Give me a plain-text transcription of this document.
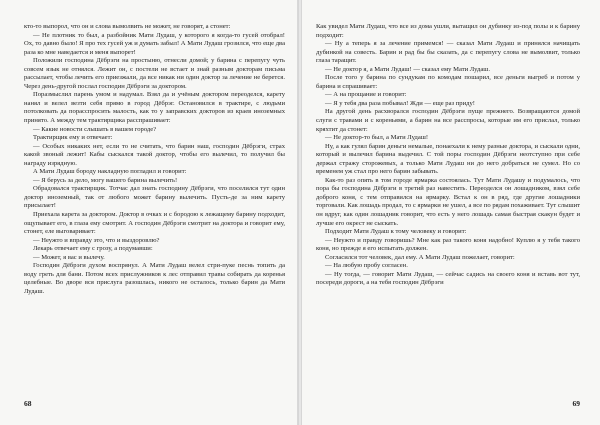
кто-то выпорол, что он и слова вымолвить не может, не говорят, а стонет:

— Не плотник то был, а разбойник Мати Лудаш, у которого я когда-то гусей отобрал! Ох, то давно было! Я про тех гусей уж и думать забыл! А Мати Лудаш грозился, что еще два раза ко мне наведается и меня выпорет!

Положили господина Дёбрэги на простыню, отнесли домой; у барина с перепугу чуть совсем язык не отнялся. Лежит он, с постели не встает и знай разным докторам письма рассылает, чтобы лечить его приезжали, да все никак ни один доктор за лечение не берется. Через день-другой послал господин Дёбрэги за доктором.

Поразмыслил парень умом и надумал. Взял да и учёным доктором переоделся, карету нанял и велел везти себя прямо в город Дёбрэг. Остановился в трактире, с людьми потолковать да порасспросить малость, как то у заправских докторов из краев иноземных принято. А между тем трактирщика расспрашивает:

— Какие новости слышать в вашем городе?

Трактирщик ему и отвечает:

— Особых никаких нет, если то не считать, что барин наш, господин Дёбрэги, страх какой звоный лежит! Кабы сыскался такой доктор, чтобы его вылечил, то получил бы награду изрядную.

А Мати Лудаш бороду накладную погладил и говорит:

— Я берусь за дело, могу вашего барина вылечить!

Обрадовался трактирщик. Тотчас дал знать господину Дёбрэги, что поселился тут один доктор иноземный, так от любого может барину вылечить. Пусть-де за ним карету присылает!

Приехала карета за доктором. Доктор в очках и с бородою к лежащему барину подходит, ощупывает его, в глаза ему смотрит. А господин Дёбрэги смотрит на доктора и говорит ему, стонет, еле выговаривает:

— Неужто и вправду это, что и выздоровлю?

Лекарь отвечает ему с грозу, а подумавши:

— Может, я вас и вылечу.

Господин Дёбрэги духом воспрянул. А Мати Лудаш велел стри-пуке песнь топить да воду греть для бани. Потом всех прислужников к лес отправил травы собирать да коренья целебные. Во дворе вся прислуга разошлась, никого не осталось, только барин да Мати Лудаш.

68

Как увидел Мати Лудаш, что все из дома ушли, вытащил он дубинку из-под полы и к барину подходит:

— Ну а теперь я за лечение примемся! — сказал Мати Лудаш и принялся начищать дубинкой на совесть. Барин и рад бы бы сказать, да с перепугу слова не вымолвит, только глаза таращит.

— Не доктор я, а Мати Лудаш! — сказал ему Мати Лудаш.

После того у барина по сундукам по комодам пошарил, все деньги выгреб и потом у барина и спрашивает:

— А на прощание и говорит:

— Я у тебя два раза побывал! Жди — еще раз приду!

На другой день расхворался господин Дёбрэги пуще прежнего. Возвращаются домой слуги с травами и с кореньями, а барин на все расспросы, которые им его прислал, только кряхтит да стонет:

— Не доктор-то был, а Мати Лудаш!

Ну, а как гулял барин деньги немалые, понаехали к нему разные доктора, и сыскали одни, который и вылечил барина выдечил. С той поры господин Дёбрэги неотступно при себе держал стражу сторожевых, а только Мати Лудаш ни до него добраться не сумел. Но со временем уж стал про него барин забывать.

Как-то раз опять в том городе ярмарка состоялась. Тут Мати Лудашу и подумалось, что пора бы господина Дёбрэги в третий раз навестить. Переоделся он лошадником, взял себе доброго коня, с тем отправился на ярмарку. Встал к он в ряд, где другие лошадники торговали. Как лошадь продал, то с ярмарки не ушел, а все по рядам похаживает. Тут слышит он вдруг, как один лошадник говорит, что есть у него лошадь самая быстрая скакун будет и лучше его окрест не сыскать.

Подходит Мати Лудаш к тому человеку и говорит:

— Неужто и правду говоришь? Мне как раз такого коня надобно! Куплю я у тебя такого коня, но прежде я его испытать должен.

Согласился тот человек, дал ему. А Мати Лудаш пожелает, говорит:

— На любую пробу согласен.

— Ну тогда, — говорит Мати Лудаш, — сейчас садись на своего коня и вставь вот тут, посереди дороги, а на тебя господин Дёбрэги

69
